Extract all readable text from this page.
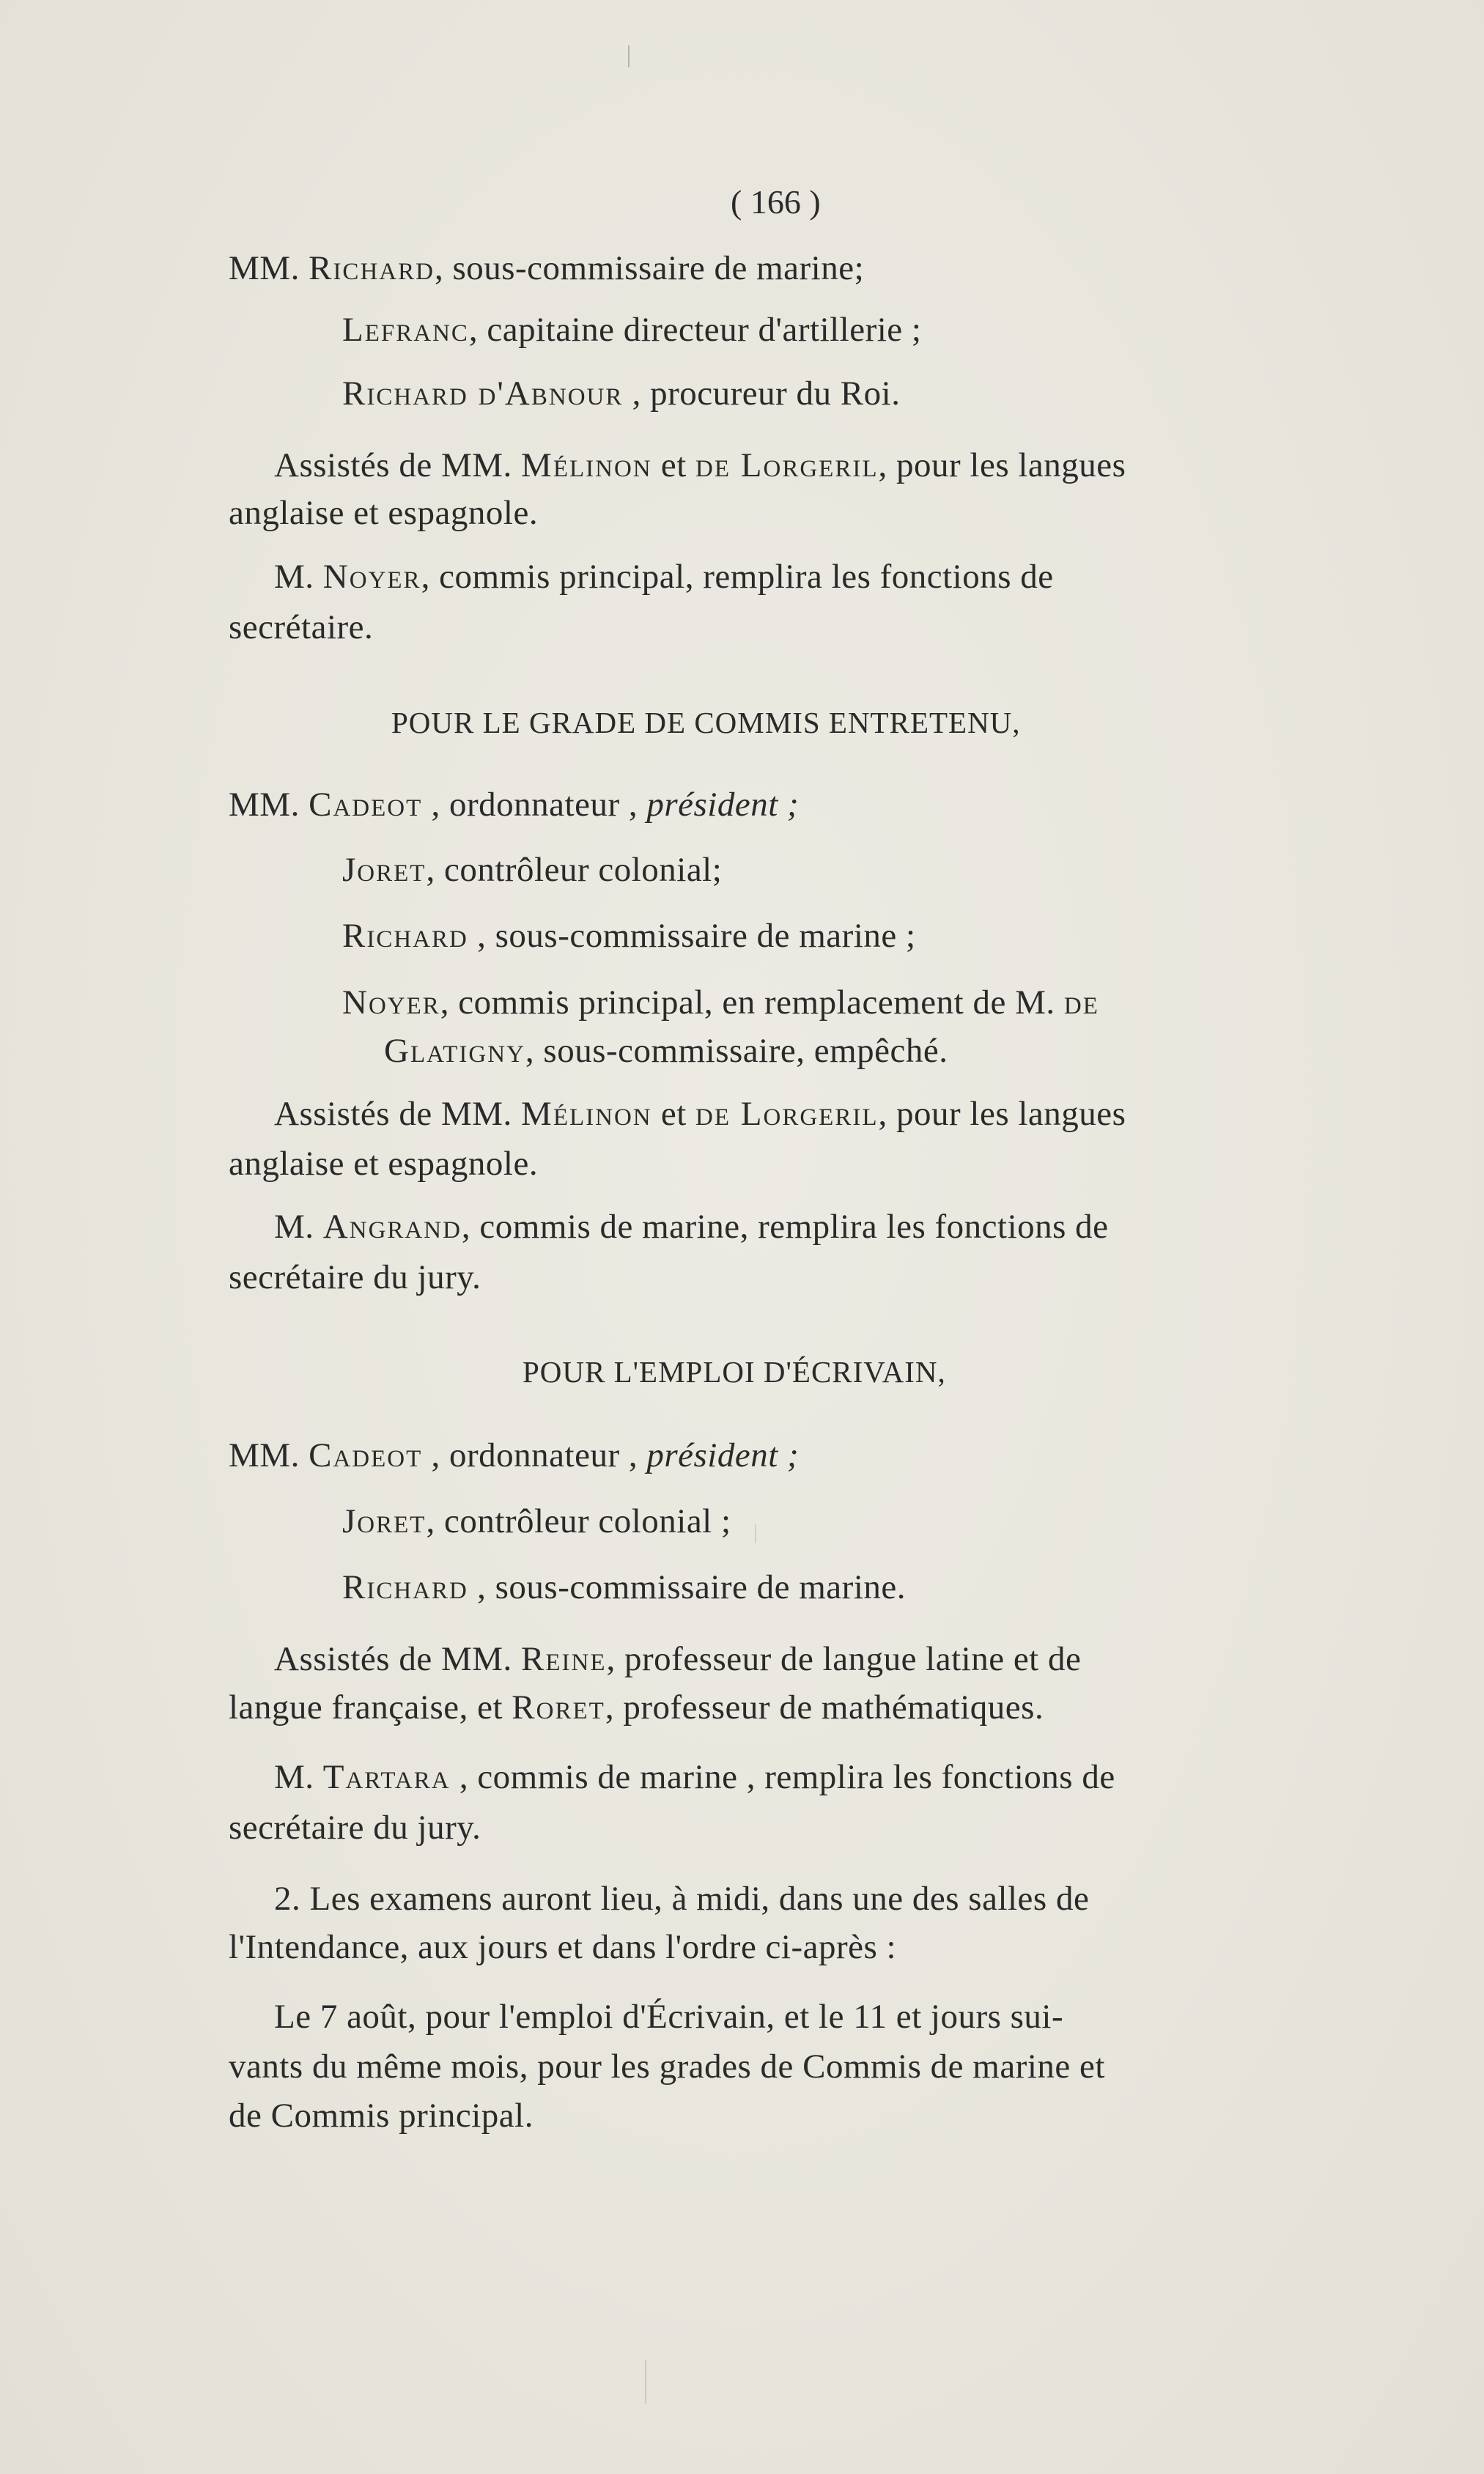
( 166 )
MM. Richard, sous-commissaire de marine;
Lefranc, capitaine directeur d'artillerie ;
Richard d'Abnour , procureur du Roi.
Assistés de MM. Mélinon et de Lorgeril, pour les langues
anglaise et espagnole.
M. Noyer, commis principal, remplira les fonctions de
secrétaire.
POUR LE GRADE DE COMMIS ENTRETENU,
MM. Cadeot , ordonnateur , président ;
Joret, contrôleur colonial;
Richard , sous-commissaire de marine ;
Noyer, commis principal, en remplacement de M. de
Glatigny, sous-commissaire, empêché.
Assistés de MM. Mélinon et de Lorgeril, pour les langues
anglaise et espagnole.
M. Angrand, commis de marine, remplira les fonctions de
secrétaire du jury.
POUR L'EMPLOI D'ÉCRIVAIN,
MM. Cadeot , ordonnateur , président ;
Joret, contrôleur colonial ;
Richard , sous-commissaire de marine.
Assistés de MM. Reine, professeur de langue latine et de
langue française, et Roret, professeur de mathématiques.
M. Tartara , commis de marine , remplira les fonctions de
secrétaire du jury.
2. Les examens auront lieu, à midi, dans une des salles de
l'Intendance, aux jours et dans l'ordre ci-après :
Le 7 août, pour l'emploi d'Écrivain, et le 11 et jours sui-
vants du même mois, pour les grades de Commis de marine et
de Commis principal.
